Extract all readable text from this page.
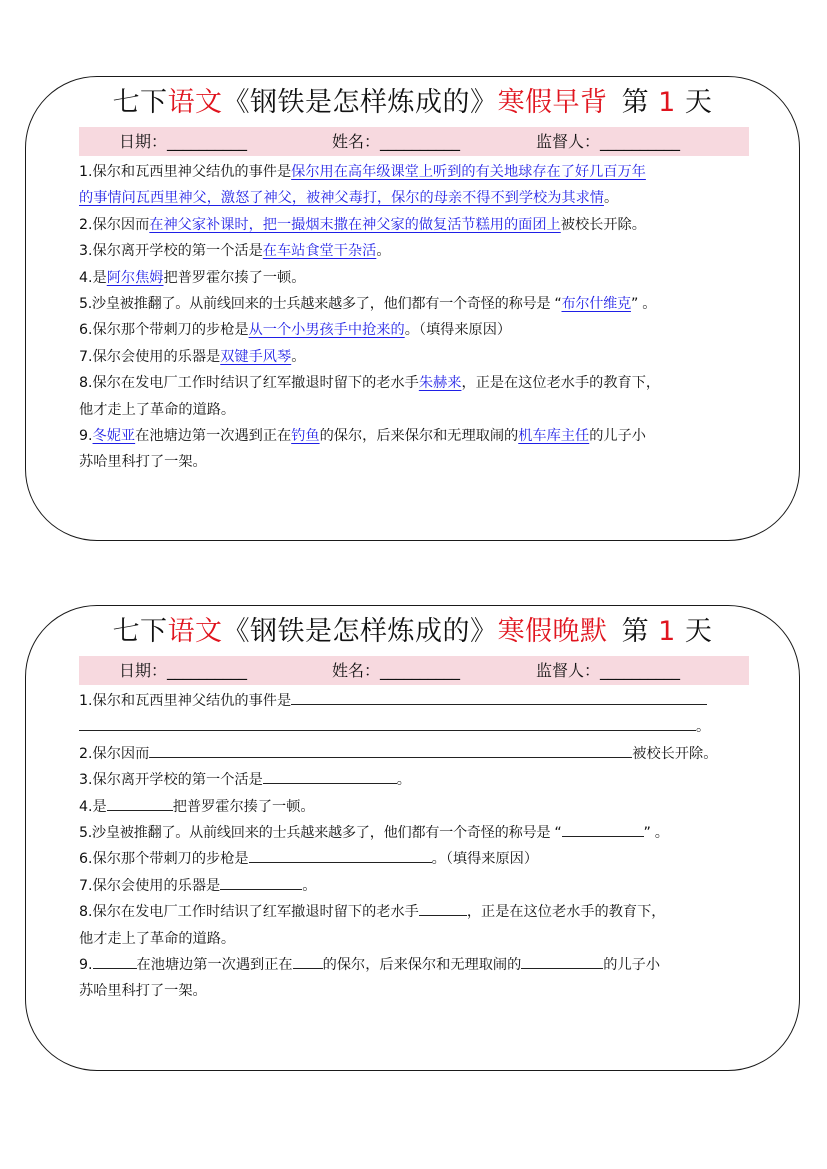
七下语文《钢铁是怎样炼成的》寒假早背 第 1 天
日期：__________	姓名：__________	监督人：__________
1.保尔和瓦西里神父结仇的事件是保尔用在高年级课堂上听到的有关地球存在了好几百万年
的事情问瓦西里神父，激怒了神父，被神父毒打，保尔的母亲不得不到学校为其求情。
2.保尔因而在神父家补课时，把一撮烟末撒在神父家的做复活节糕用的面团上被校长开除。
3.保尔离开学校的第一个活是在车站食堂干杂活。
4.是阿尔焦姆把普罗霍尔揍了一顿。
5.沙皇被推翻了。从前线回来的士兵越来越多了，他们都有一个奇怪的称号是 “布尔什维克” 。
6.保尔那个带刺刀的步枪是从一个小男孩手中抢来的。（填得来原因）
7.保尔会使用的乐器是双键手风琴。
8.保尔在发电厂工作时结识了红军撤退时留下的老水手朱赫来，正是在这位老水手的教育下，
他才走上了革命的道路。
9.冬妮亚在池塘边第一次遇到正在钓鱼的保尔，后来保尔和无理取闹的机车库主任的儿子小
苏哈里科打了一架。
七下语文《钢铁是怎样炼成的》寒假晚默 第 1 天
日期：__________	姓名：__________	监督人：__________
1.保尔和瓦西里神父结仇的事件是
。
2.保尔因而	被校长开除。
3.保尔离开学校的第一个活是	。
4.是	把普罗霍尔揍了一顿。
5.沙皇被推翻了。从前线回来的士兵越来越多了，他们都有一个奇怪的称号是 “	” 。
6.保尔那个带刺刀的步枪是	。（填得来原因）
7.保尔会使用的乐器是	。
8.保尔在发电厂工作时结识了红军撤退时留下的老水手	，正是在这位老水手的教育下，
他才走上了革命的道路。
9.	在池塘边第一次遇到正在 的保尔，后来保尔和无理取闹的	的儿子小
苏哈里科打了一架。
